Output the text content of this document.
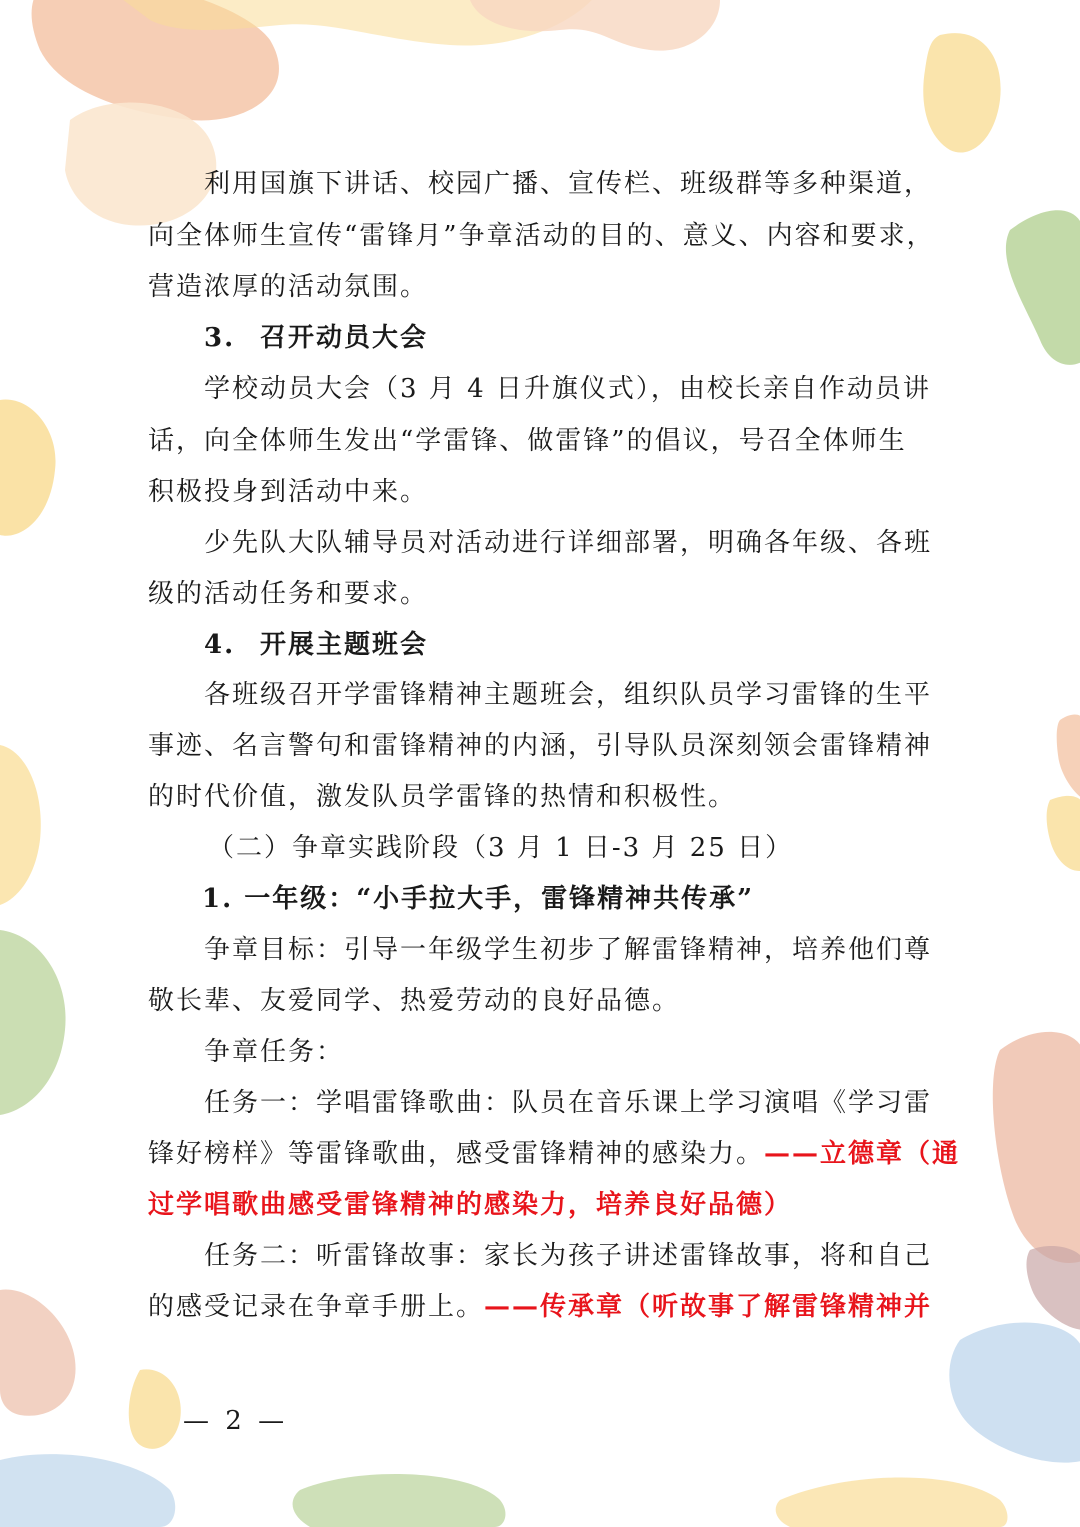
利用国旗下讲话、校园广播、宣传栏、班级群等多种渠道，
向全体师生宣传“雷锋月”争章活动的目的、意义、内容和要求，
营造浓厚的活动氛围。
3. 召开动员大会
学校动员大会（3 月 4 日升旗仪式），由校长亲自作动员讲
话，向全体师生发出“学雷锋、做雷锋”的倡议，号召全体师生
积极投身到活动中来。
少先队大队辅导员对活动进行详细部署，明确各年级、各班
级的活动任务和要求。
4. 开展主题班会
各班级召开学雷锋精神主题班会，组织队员学习雷锋的生平
事迹、名言警句和雷锋精神的内涵，引导队员深刻领会雷锋精神
的时代价值，激发队员学雷锋的热情和积极性。
（二）争章实践阶段（3 月 1 日-3 月 25 日）
1. 一年级：“小手拉大手，雷锋精神共传承”
争章目标：引导一年级学生初步了解雷锋精神，培养他们尊
敬长辈、友爱同学、热爱劳动的良好品德。
争章任务：
任务一：学唱雷锋歌曲：队员在音乐课上学习演唱《学习雷
锋好榜样》等雷锋歌曲，感受雷锋精神的感染力。——立德章（通
过学唱歌曲感受雷锋精神的感染力，培养良好品德）
任务二：听雷锋故事：家长为孩子讲述雷锋故事，将和自己
的感受记录在争章手册上。——传承章（听故事了解雷锋精神并
— 2 —
